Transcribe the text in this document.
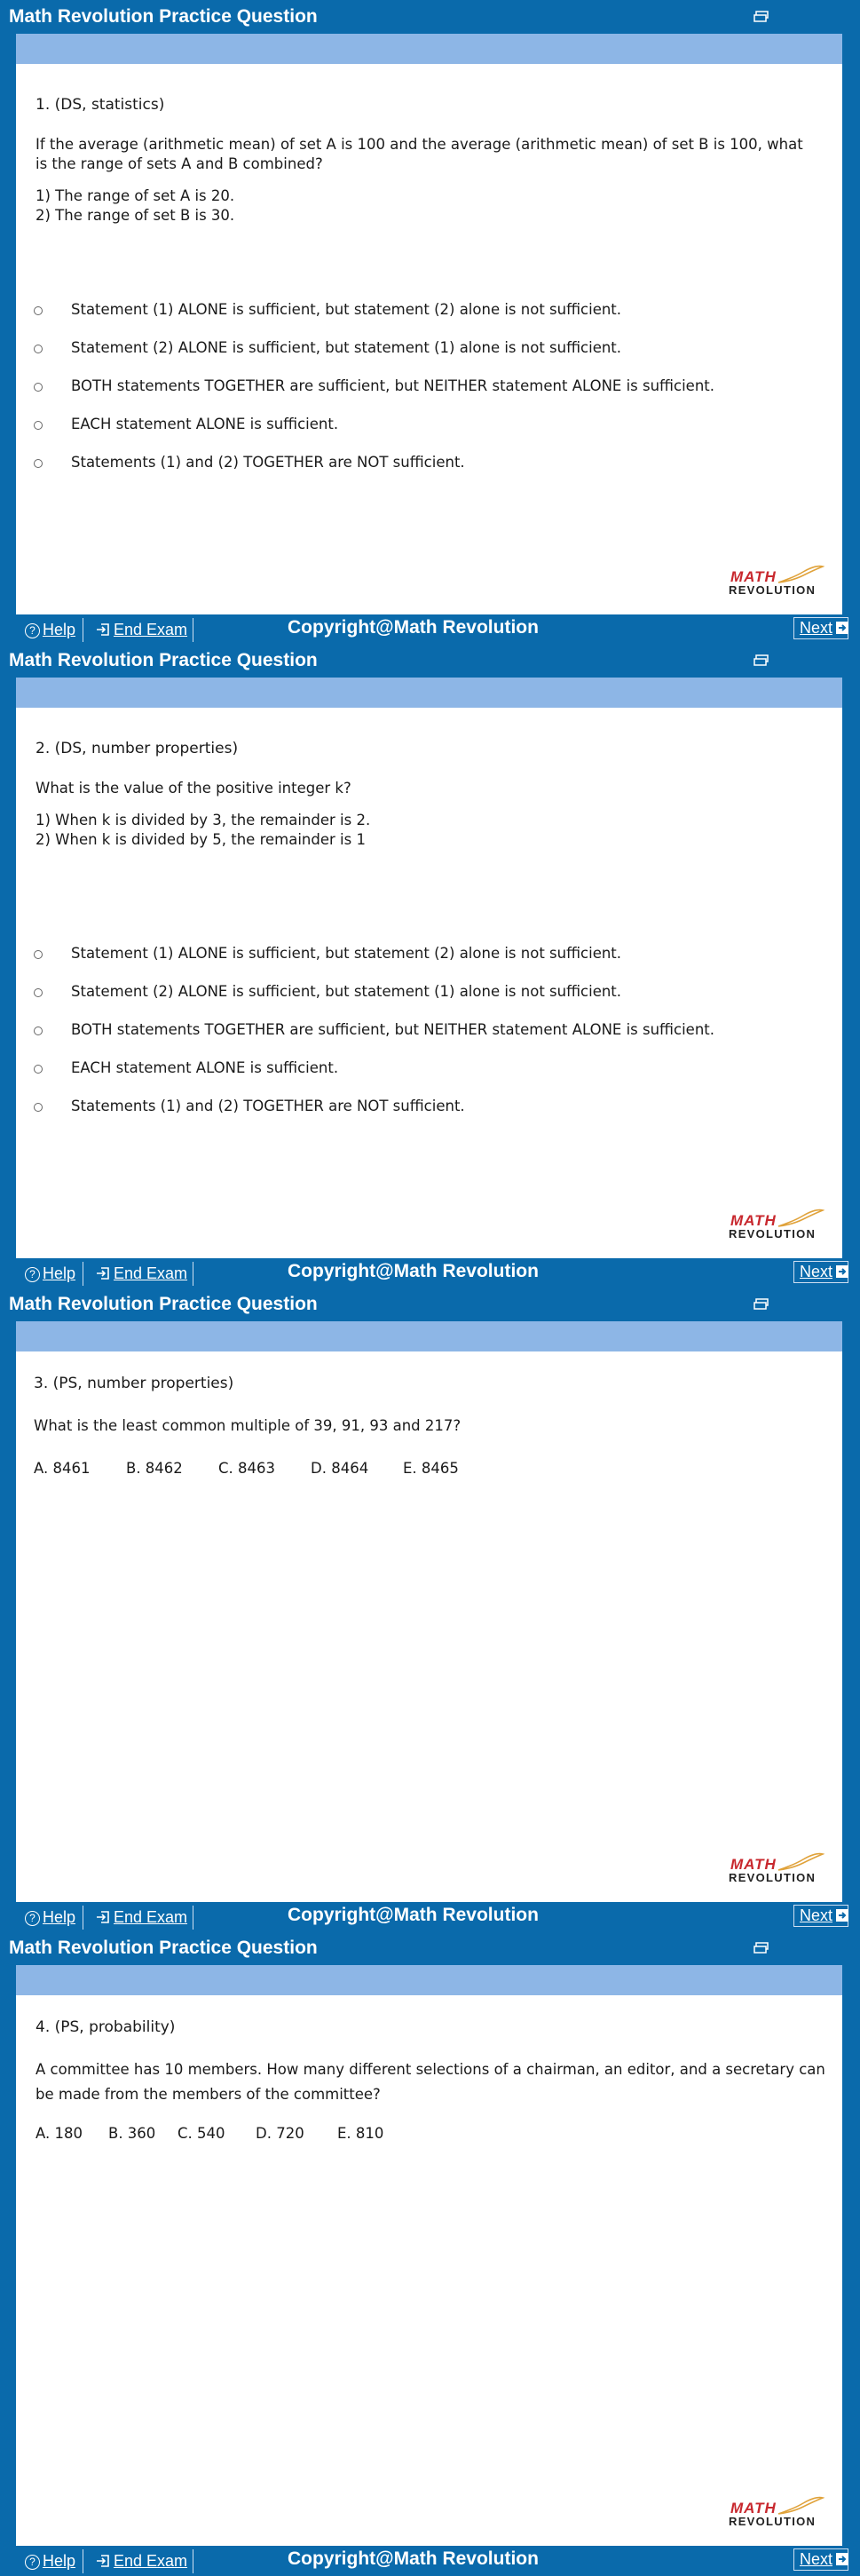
Math Revolution Practice Question
1. (DS, statistics)
If the average (arithmetic mean) of set A is 100 and the average (arithmetic mean) of set B is 100, what is the range of sets A and B combined?
1) The range of set A is 20.
2) The range of set B is 30.
Statement (1) ALONE is sufficient, but statement (2) alone is not sufficient.
Statement (2) ALONE is sufficient, but statement (1) alone is not sufficient.
BOTH statements TOGETHER are sufficient, but NEITHER statement ALONE is sufficient.
EACH statement ALONE is sufficient.
Statements (1) and (2) TOGETHER are NOT sufficient.
MATH
REVOLUTION
? Help	End Exam	Copyright@Math Revolution	Next
Math Revolution Practice Question
2. (DS, number properties)
What is the value of the positive integer k?
1) When k is divided by 3, the remainder is 2.
2) When k is divided by 5, the remainder is 1
Statement (1) ALONE is sufficient, but statement (2) alone is not sufficient.
Statement (2) ALONE is sufficient, but statement (1) alone is not sufficient.
BOTH statements TOGETHER are sufficient, but NEITHER statement ALONE is sufficient.
EACH statement ALONE is sufficient.
Statements (1) and (2) TOGETHER are NOT sufficient.
MATH
REVOLUTION
? Help	End Exam	Copyright@Math Revolution	Next
Math Revolution Practice Question
3. (PS, number properties)
What is the least common multiple of 39, 91, 93 and 217?
A. 8461 B. 8462 C. 8463 D. 8464 E. 8465
MATH
REVOLUTION
? Help	End Exam	Copyright@Math Revolution	Next
Math Revolution Practice Question
4. (PS, probability)
A committee has 10 members. How many different selections of a chairman, an editor, and a secretary can be made from the members of the committee?
A. 180 B. 360 C. 540 D. 720 E. 810
MATH
REVOLUTION
? Help	End Exam	Copyright@Math Revolution	Next
